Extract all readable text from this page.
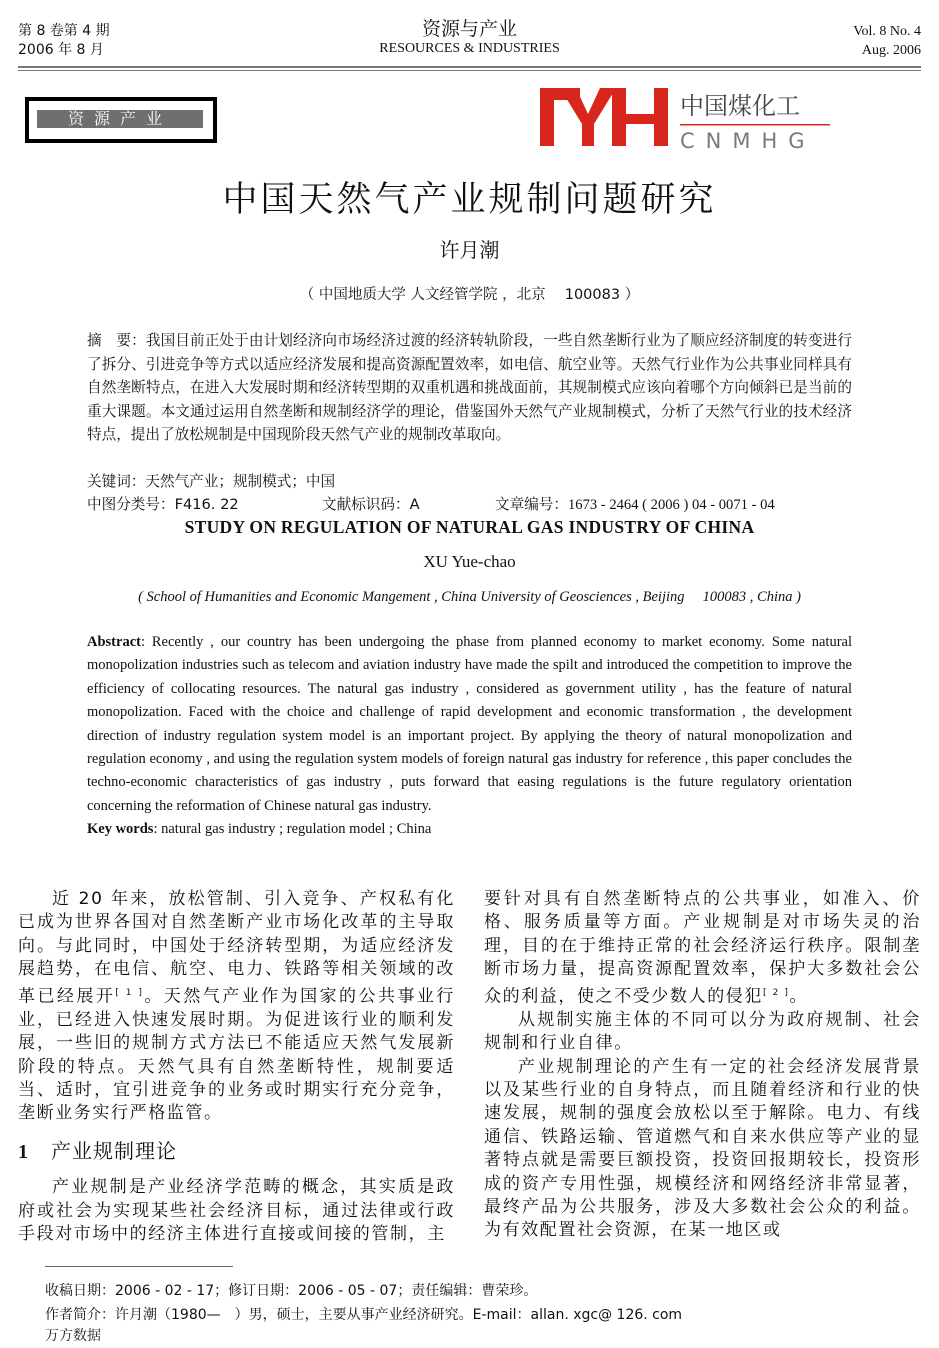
第 8 卷第 4 期
2006 年 8 月
资源与产业
RESOURCES & INDUSTRIES
Vol. 8 No. 4
Aug. 2006
资源产业	中国煤化工
CNMHG
中国天然气产业规制问题研究
许月潮
（ 中国地质大学 人文经管学院 ，北京　 100083 ）

摘　要：我国目前正处于由计划经济向市场经济过渡的经济转轨阶段，一些自然垄断行业为了顺应经济制度的转变进行了拆分、引进竞争等方式以适应经济发展和提高资源配置效率，如电信、航空业等。天然气行业作为公共事业同样具有自然垄断特点，在进入大发展时期和经济转型期的双重机遇和挑战面前，其规制模式应该向着哪个方向倾斜已是当前的重大课题。本文通过运用自然垄断和规制经济学的理论，借鉴国外天然气产业规制模式，分析了天然气行业的技术经济特点，提出了放松规制是中国现阶段天然气产业的规制改革取向。

关键词：天然气产业；规制模式；中国
中图分类号：F416. 22	文献标识码：A	文章编号：1673 - 2464 ( 2006 ) 04 - 0071 - 04
STUDY ON REGULATION OF NATURAL GAS INDUSTRY OF CHINA
XU Yue-chao
( School of Humanities and Economic Mangement , China University of Geosciences , Beijing　 100083 , China )

Abstract: Recently , our country has been undergoing the phase from planned economy to market economy. Some natural monopolization industries such as telecom and aviation industry have made the spilt and introduced the competition to improve the efficiency of collocating resources. The natural gas industry , considered as government utility , has the feature of natural monopolization. Faced with the choice and challenge of rapid development and economic transformation , the development direction of industry regulation system model is an important project. By applying the theory of natural monopolization and regulation economy , and using the regulation system models of foreign natural gas industry for reference , this paper concludes the techno-economic characteristics of gas industry , puts forward that easing regulations is the future regulatory orientation concerning the reformation of Chinese natural gas industry.

Key words: natural gas industry ; regulation model ; China

近 20 年来，放松管制、引入竞争、产权私有化已成为世界各国对自然垄断产业市场化改革的主导取向。与此同时，中国处于经济转型期，为适应经济发展趋势，在电信、航空、电力、铁路等相关领域的改革已经展开[ 1 ]。天然气产业作为国家的公共事业行业，已经进入快速发展时期。为促进该行业的顺利发展，一些旧的规制方式方法已不能适应天然气发展新阶段的特点。天然气具有自然垄断特性，规制要适当、适时，宜引进竞争的业务或时期实行充分竞争，垄断业务实行严格监管。

1 产业规制理论

产业规制是产业经济学范畴的概念，其实质是政府或社会为实现某些社会经济目标，通过法律或行政手段对市场中的经济主体进行直接或间接的管制，主

要针对具有自然垄断特点的公共事业，如准入、价格、服务质量等方面。产业规制是对市场失灵的治理，目的在于维持正常的社会经济运行秩序。限制垄断市场力量，提高资源配置效率，保护大多数社会公众的利益，使之不受少数人的侵犯[ 2 ]。

从规制实施主体的不同可以分为政府规制、社会规制和行业自律。

产业规制理论的产生有一定的社会经济发展背景以及某些行业的自身特点，而且随着经济和行业的快速发展，规制的强度会放松以至于解除。电力、有线通信、铁路运输、管道燃气和自来水供应等产业的显著特点就是需要巨额投资，投资回报期较长，投资形成的资产专用性强，规模经济和网络经济非常显著，最终产品为公共服务，涉及大多数社会公众的利益。为有效配置社会资源，在某一地区或

收稿日期：2006 - 02 - 17；修订日期：2006 - 05 - 07；责任编辑：曹荣珍。
作者简介：许月潮（1980—　）男，硕士，主要从事产业经济研究。E-mail：allan. xgc@ 126. com
万方数据
